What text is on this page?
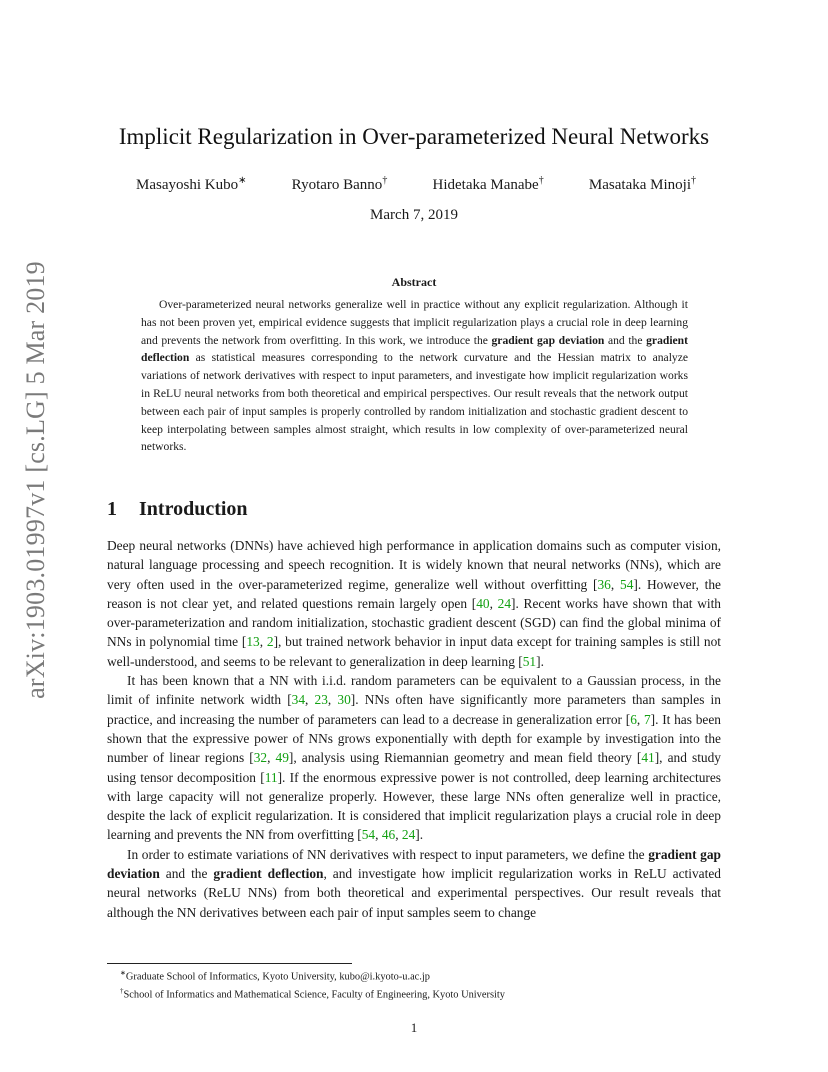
arXiv:1903.01997v1 [cs.LG] 5 Mar 2019
Implicit Regularization in Over-parameterized Neural Networks
Masayoshi Kubo∗	Ryotaro Banno†	Hidetaka Manabe†	Masataka Minoji†
March 7, 2019
Abstract

Over-parameterized neural networks generalize well in practice without any explicit regularization. Although it has not been proven yet, empirical evidence suggests that implicit regularization plays a crucial role in deep learning and prevents the network from overfitting. In this work, we introduce the gradient gap deviation and the gradient deflection as statistical measures corresponding to the network curvature and the Hessian matrix to analyze variations of network derivatives with respect to input parameters, and investigate how implicit regularization works in ReLU neural networks from both theoretical and empirical perspectives. Our result reveals that the network output between each pair of input samples is properly controlled by random initialization and stochastic gradient descent to keep interpolating between samples almost straight, which results in low complexity of over-parameterized neural networks.

1 Introduction

Deep neural networks (DNNs) have achieved high performance in application domains such as computer vision, natural language processing and speech recognition. It is widely known that neural networks (NNs), which are very often used in the over-parameterized regime, generalize well without overfitting [36, 54]. However, the reason is not clear yet, and related questions remain largely open [40, 24]. Recent works have shown that with over-parameterization and random initialization, stochastic gradient descent (SGD) can find the global minima of NNs in polynomial time [13, 2], but trained network behavior in input data except for training samples is still not well-understood, and seems to be relevant to generalization in deep learning [51].

It has been known that a NN with i.i.d. random parameters can be equivalent to a Gaussian process, in the limit of infinite network width [34, 23, 30]. NNs often have significantly more parameters than samples in practice, and increasing the number of parameters can lead to a decrease in generalization error [6, 7]. It has been shown that the expressive power of NNs grows exponentially with depth for example by investigation into the number of linear regions [32, 49], analysis using Riemannian geometry and mean field theory [41], and study using tensor decomposition [11]. If the enormous expressive power is not controlled, deep learning architectures with large capacity will not generalize properly. However, these large NNs often generalize well in practice, despite the lack of explicit regularization. It is considered that implicit regularization plays a crucial role in deep learning and prevents the NN from overfitting [54, 46, 24].

In order to estimate variations of NN derivatives with respect to input parameters, we define the gradient gap deviation and the gradient deflection, and investigate how implicit regularization works in ReLU activated neural networks (ReLU NNs) from both theoretical and experimental perspectives. Our result reveals that although the NN derivatives between each pair of input samples seem to change

∗Graduate School of Informatics, Kyoto University, kubo@i.kyoto-u.ac.jp
†School of Informatics and Mathematical Science, Faculty of Engineering, Kyoto University
1
